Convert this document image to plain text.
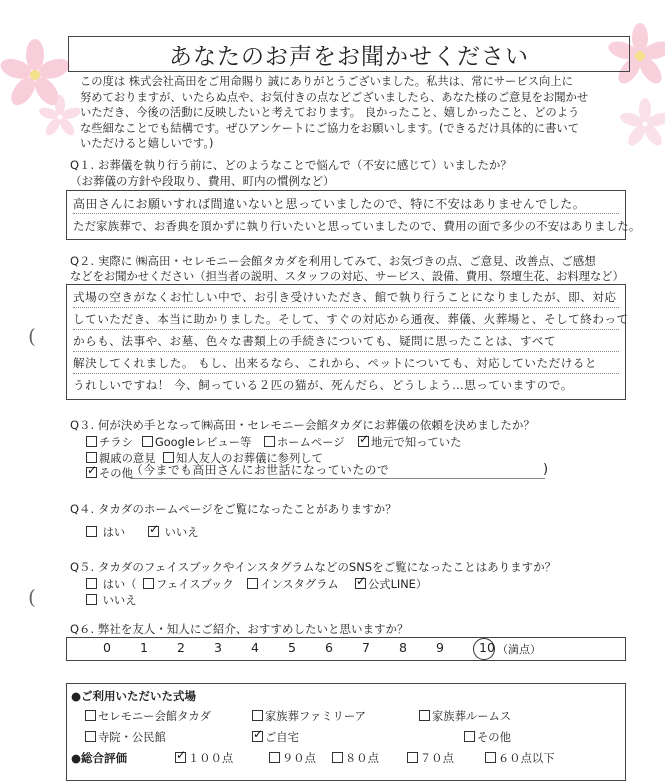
あなたのお声をお聞かせください
この度は 株式会社高田をご用命賜り 誠にありがとうございました。私共は、常にサービス向上に
努めておりますが、いたらぬ点や、お気付きの点などございましたら、あなた様のご意見をお聞かせ
いただき、今後の活動に反映したいと考えております。 良かったこと、嬉しかったこと、どのよう
な些細なことでも結構です。ぜひアンケートにご協力をお願いします。(できるだけ具体的に書いて
いただけると嬉しいです。)
Q１. お葬儀を執り行う前に、どのようなことで悩んで（不安に感じて）いましたか？
（お葬儀の方針や段取り、費用、町内の慣例など）
高田さんにお願いすれば間違いないと思っていましたので、特に不安はありませんでした。
ただ家族葬で、お香典を頂かずに執り行いたいと思っていましたので、費用の面で多少の不安はありました。
Q２. 実際に ㈱高田・セレモニー会館タカダを利用してみて、お気づきの点、ご意見、改善点、ご感想
などをお聞かせください（担当者の説明、スタッフの対応、サービス、設備、費用、祭壇生花、お料理など）
式場の空きがなくお忙しい中で、お引き受けいただき、館で執り行うことになりましたが、即、対応
していただき、本当に助かりました。そして、すぐの対応から通夜、葬儀、火葬場と、そして終わって
からも、法事や、お墓、色々な書類上の手続きについても、疑問に思ったことは、すべて
解決してくれました。 もし、出来るなら、これから、ペットについても、対応していただけると
うれしいですね！ 今、飼っている２匹の猫が、死んだら、どうしよう…思っていますので。
(
Q３. 何が決め手となって㈱高田・セレモニー会館タカダにお葬儀の依頼を決めましたか？
チラシ	Googleレビュー等	ホームページ ✓	地元で知っていた
親戚の意見	知人友人のお葬儀に参列して
✓その他
（今までも高田さんにお世話になっていたので	)
Q４. タカダのホームページをご覧になったことがありますか？
はい ✓	いいえ
Q５. タカダのフェイスブックやインスタグラムなどのSNSをご覧になったことはありますか？
はい（	フェイスブック	インスタグラム ✓	公式LINE）
いいえ
(
Q６. 弊社を友人・知人にご紹介、おすすめしたいと思いますか？
0 1 2 3 4 5 6 7 8 9	10 （満点）
●ご利用いただいた式場
セレモニー会館タカダ	家族葬ファミリーア	家族葬ルームス
寺院・公民館 ✓	ご自宅	その他
●総合評価 ✓	１００点	９０点	８０点	７０点	６０点以下
